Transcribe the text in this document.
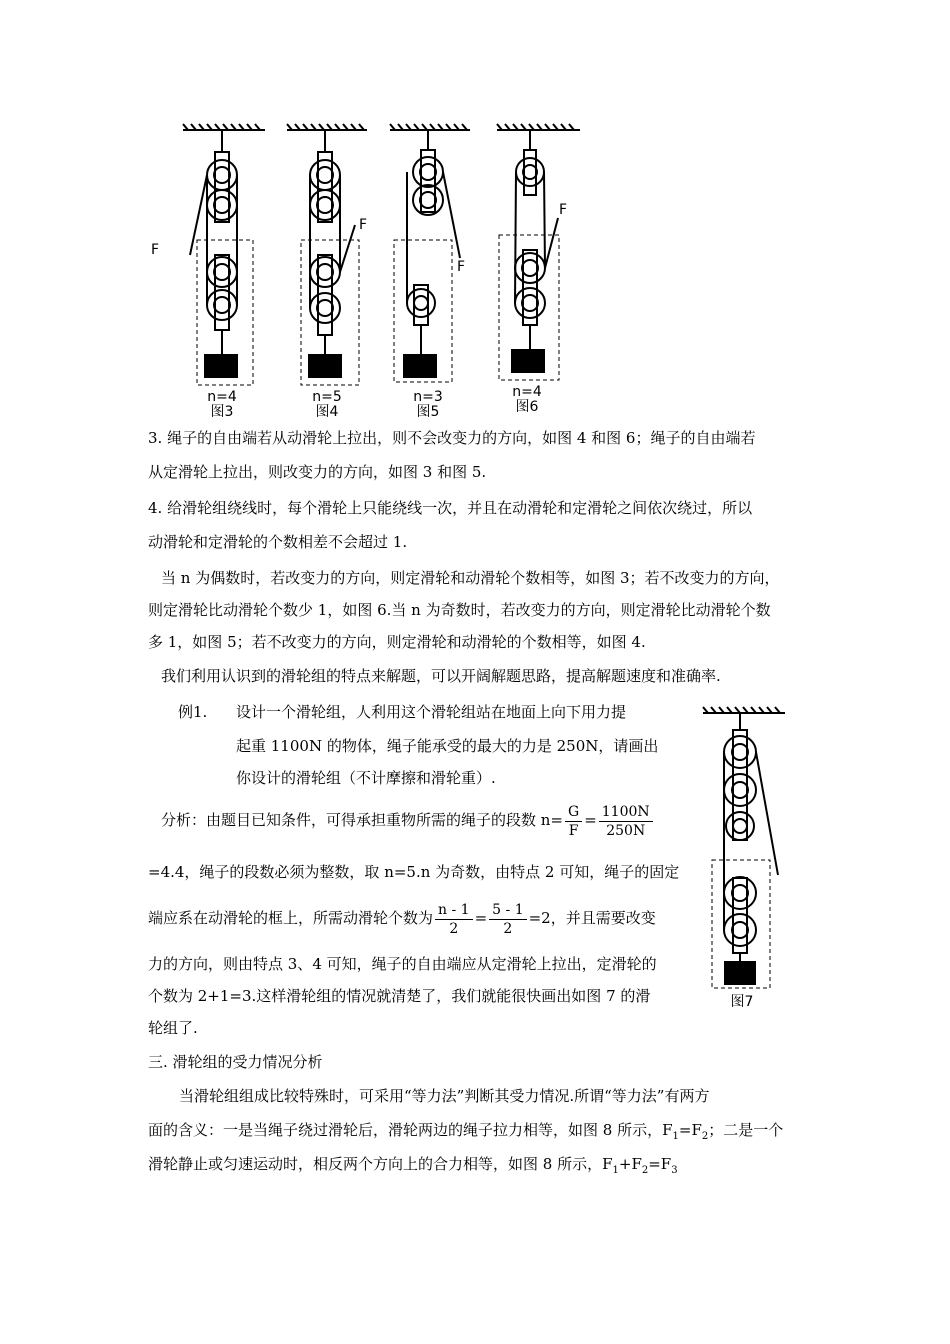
F
F
F
F
n=4
图3
n=5
图4
n=3
图5
n=4
图6
3. 绳子的自由端若从动滑轮上拉出，则不会改变力的方向，如图 4 和图 6；绳子的自由端若
从定滑轮上拉出，则改变力的方向，如图 3 和图 5.
4. 给滑轮组绕线时，每个滑轮上只能绕线一次，并且在动滑轮和定滑轮之间依次绕过，所以
动滑轮和定滑轮的个数相差不会超过 1.
当 n 为偶数时，若改变力的方向，则定滑轮和动滑轮个数相等，如图 3；若不改变力的方向，
则定滑轮比动滑轮个数少 1，如图 6.当 n 为奇数时，若改变力的方向，则定滑轮比动滑轮个数
多 1，如图 5；若不改变力的方向，则定滑轮和动滑轮的个数相等，如图 4.
我们利用认识到的滑轮组的特点来解题，可以开阔解题思路，提高解题速度和准确率.
例1. 设计一个滑轮组，人利用这个滑轮组站在地面上向下用力提
起重 1100N 的物体，绳子能承受的最大的力是 250N，请画出
你设计的滑轮组（不计摩擦和滑轮重）.
分析：由题目已知条件，可得承担重物所需的绳子的段数 $n= \frac{G}{F} = \frac{1100N}{250N}$
=4.4，绳子的段数必须为整数，取 n=5.n 为奇数，由特点 2 可知，绳子的固定
端应系在动滑轮的框上，所需动滑轮个数为 $\frac{n - 1}{2} = \frac{5 - 1}{2} =2$，并且需要改变
力的方向，则由特点 3、4 可知，绳子的自由端应从定滑轮上拉出，定滑轮的
个数为 2+1=3.这样滑轮组的情况就清楚了，我们就能很快画出如图 7 的滑
轮组了.
图7
三. 滑轮组的受力情况分析
当滑轮组组成比较特殊时，可采用“等力法”判断其受力情况.所谓“等力法”有两方
面的含义：一是当绳子绕过滑轮后，滑轮两边的绳子拉力相等，如图 8 所示，$F_1=F_2$；二是一个
滑轮静止或匀速运动时，相反两个方向上的合力相等，如图 8 所示，$F_1+F_2=F_3$
